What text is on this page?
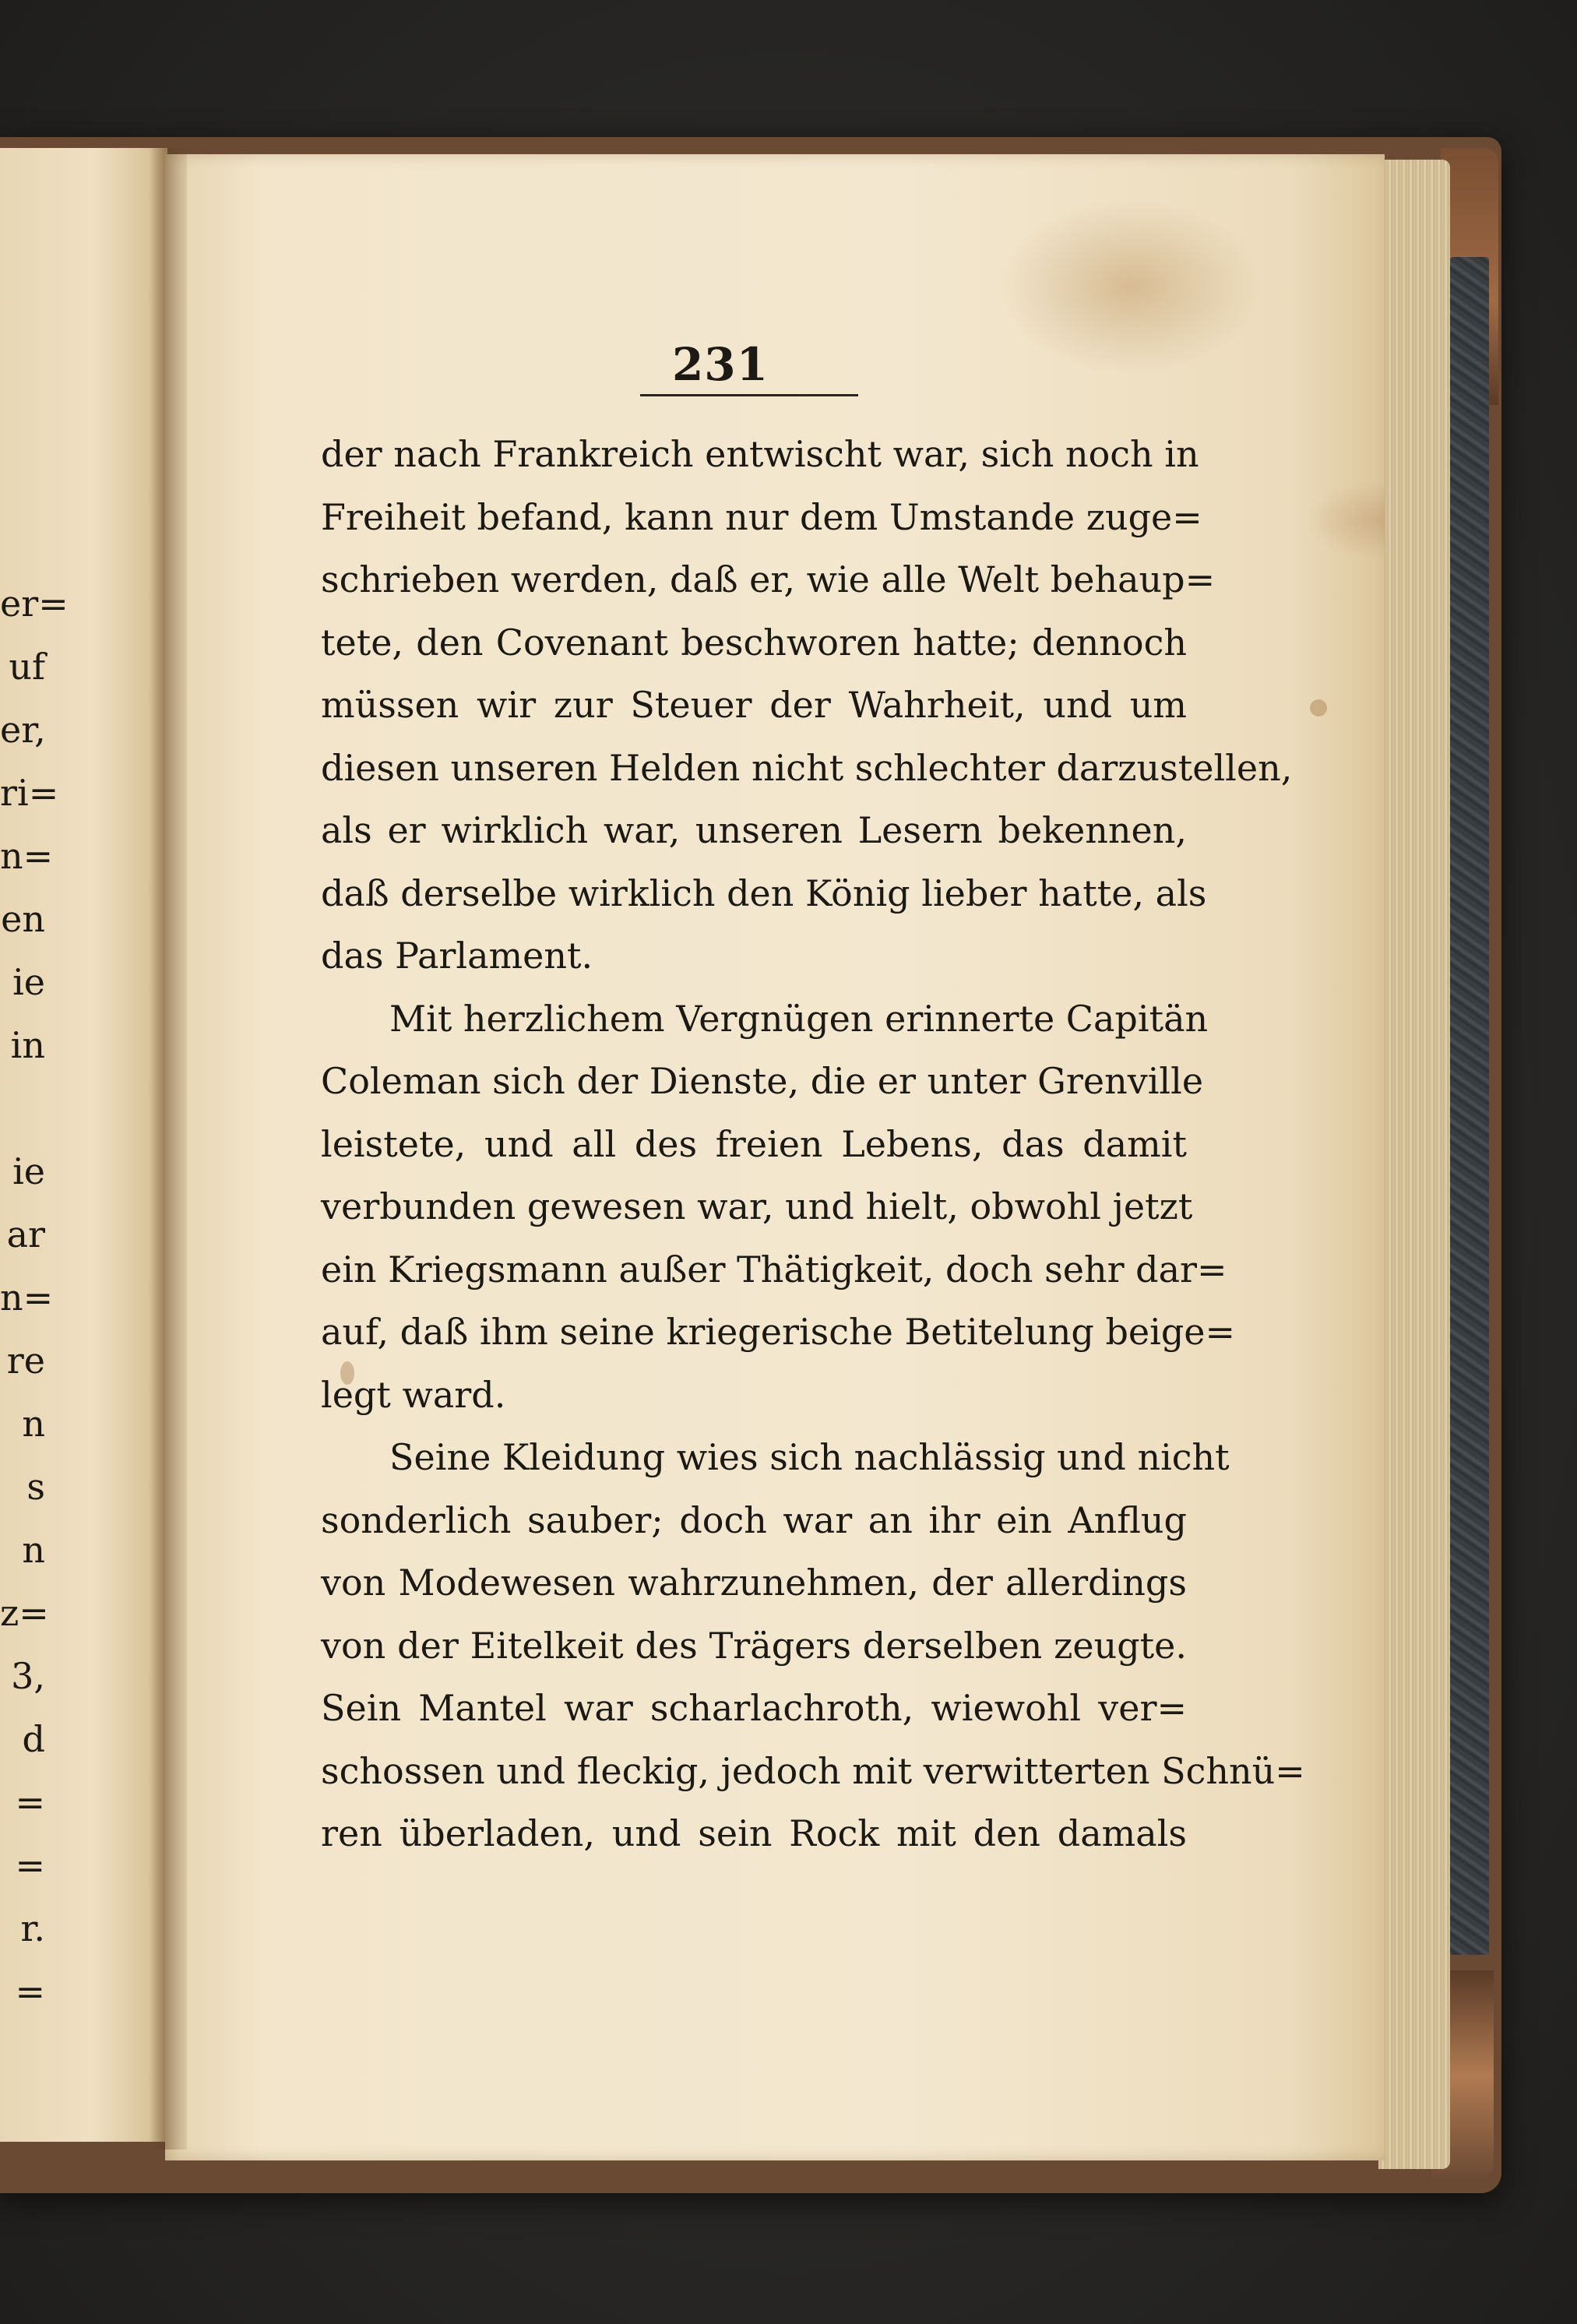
er=
uf
er,
ri=
n=
en
ie
in
ie
ar
n=
re
n
s
n
z=
3,
d
=
=
r.
=
231
der nach Frankreich entwischt war, sich noch in
Freiheit befand, kann nur dem Umstande zuge=
schrieben werden, daß er, wie alle Welt behaup=
tete, den Covenant beschworen hatte; dennoch
müssen wir zur Steuer der Wahrheit, und um
diesen unseren Helden nicht schlechter darzustellen,
als er wirklich war, unseren Lesern bekennen,
daß derselbe wirklich den König lieber hatte, als
das Parlament.
Mit herzlichem Vergnügen erinnerte Capitän
Coleman sich der Dienste, die er unter Grenville
leistete, und all des freien Lebens, das damit
verbunden gewesen war, und hielt, obwohl jetzt
ein Kriegsmann außer Thätigkeit, doch sehr dar=
auf, daß ihm seine kriegerische Betitelung beige=
legt ward.
Seine Kleidung wies sich nachlässig und nicht
sonderlich sauber; doch war an ihr ein Anflug
von Modewesen wahrzunehmen, der allerdings
von der Eitelkeit des Trägers derselben zeugte.
Sein Mantel war scharlachroth, wiewohl ver=
schossen und fleckig, jedoch mit verwitterten Schnü=
ren überladen, und sein Rock mit den damals
